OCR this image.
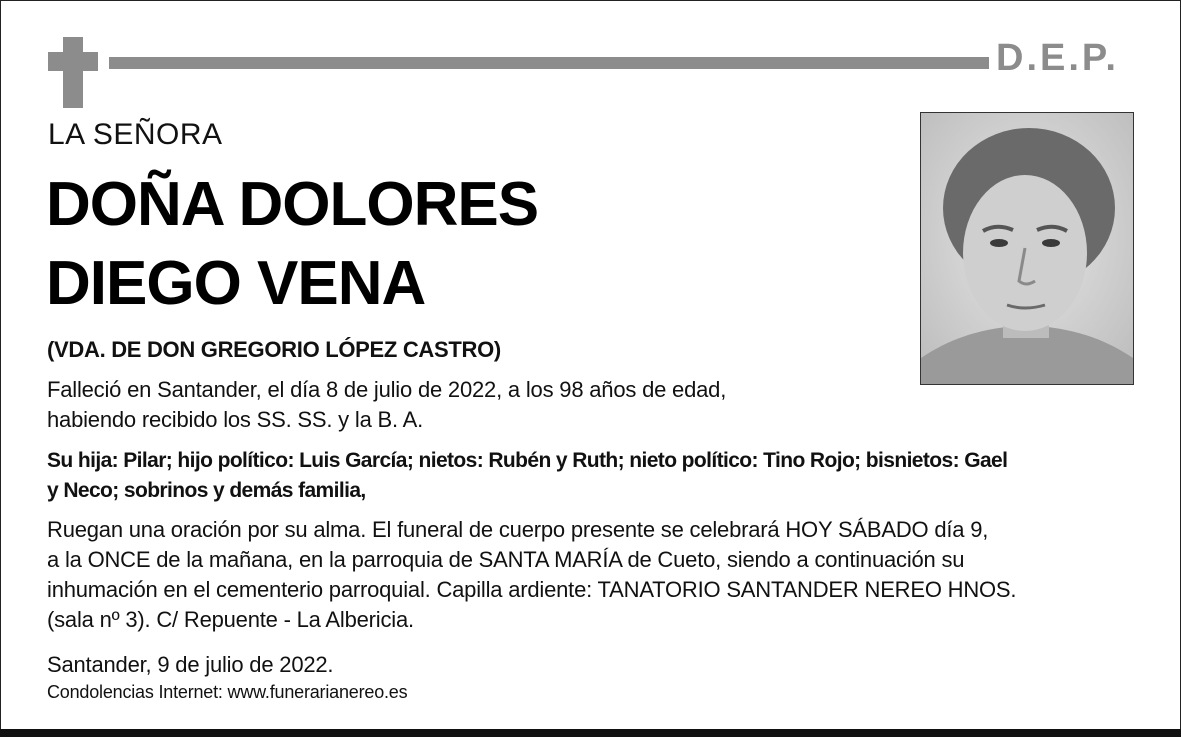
D.E.P.
LA SEÑORA
DOÑA DOLORES
DIEGO VENA
(VDA. DE DON GREGORIO LÓPEZ CASTRO)
Falleció en Santander, el día 8 de julio de 2022, a los 98 años de edad,
habiendo recibido los SS. SS. y la B. A.
Su hija: Pilar; hijo político: Luis García; nietos: Rubén y Ruth; nieto político: Tino Rojo; bisnietos: Gael
y Neco; sobrinos y demás familia,
Ruegan una oración por su alma. El funeral de cuerpo presente se celebrará HOY SÁBADO día 9,
a la ONCE de la mañana, en la parroquia de SANTA MARÍA de Cueto, siendo a continuación su
inhumación en el cementerio parroquial. Capilla ardiente: TANATORIO SANTANDER NEREO HNOS.
(sala nº 3). C/ Repuente - La Albericia.
Santander, 9 de julio de 2022.
Condolencias Internet: www.funerarianereo.es
